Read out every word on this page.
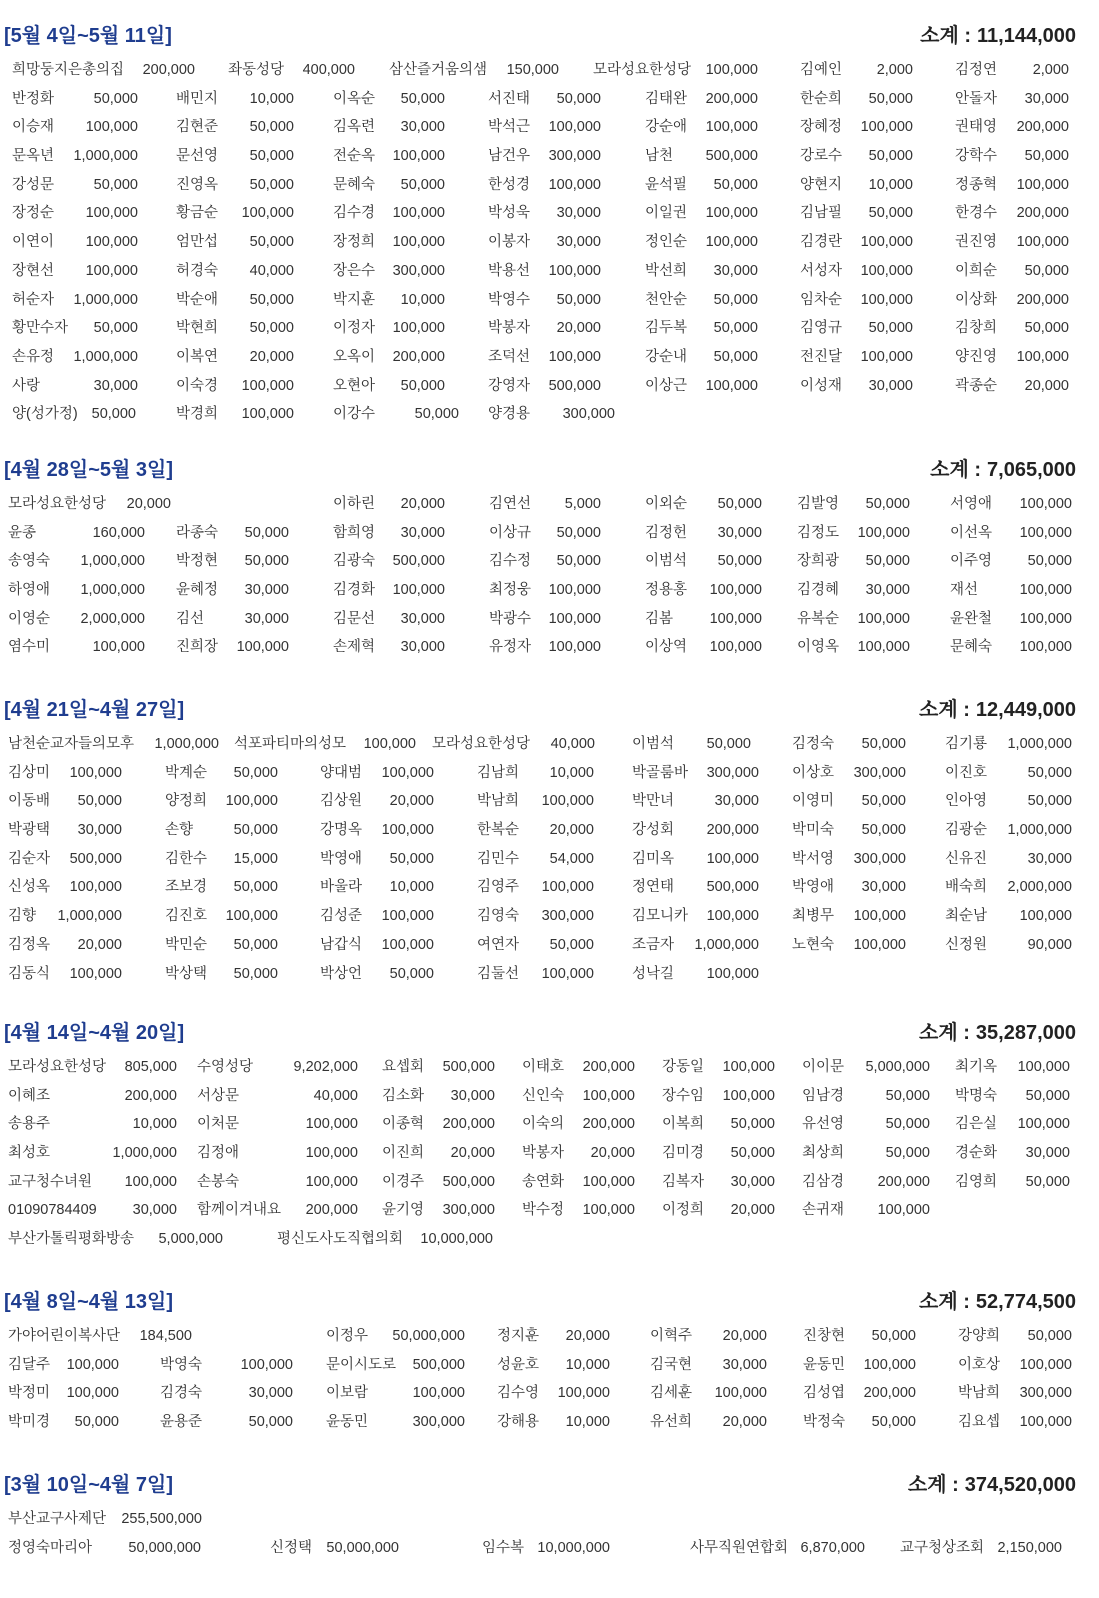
[5월 4일~5월 11일]	소계 : 11,144,000
희망둥지은총의집 200,000 좌동성당 400,000 삼산즐거움의샘 150,000 모라성요한성당 100,000	김예인 2,000	김정연 2,000
반정화	50,000	배민지 10,000	이옥순 50,000	서진태 50,000	김태완 200,000	한순희 50,000	안돌자 30,000
이승재 100,000	김현준 50,000	김옥련 30,000	박석근 100,000	강순애 100,000	장혜정 100,000	권태영 200,000
문옥년 1,000,000	문선영 50,000	전순옥 100,000	남건우 300,000	남천 500,000	강로수 50,000	강학수 50,000
강성문	50,000	진영옥 50,000	문혜숙 50,000	한성경 100,000	윤석필 50,000	양현지 10,000	정종혁 100,000
장정순 100,000	황금순 100,000	김수경 100,000	박성욱 30,000	이일권 100,000	김남필 50,000	한경수 200,000
이연이 100,000	엄만섭 50,000	장정희 100,000	이봉자 30,000	정인순 100,000	김경란 100,000	권진영 100,000
장현선 100,000	허경숙 40,000	장은수 300,000	박용선 100,000	박선희 30,000	서성자 100,000	이희순 50,000
허순자 1,000,000	박순애 50,000	박지훈 10,000	박영수 50,000	천안순 50,000	임차순 100,000	이상화 200,000
황만수자 50,000	박현희 50,000	이정자 100,000	박봉자 20,000	김두복 50,000	김영규 50,000	김창희 50,000
손유정 1,000,000	이복연 20,000	오옥이 200,000	조덕선 100,000	강순내 50,000	전진달 100,000	양진영 100,000
사랑	30,000	이숙경 100,000	오현아 50,000	강영자 500,000	이상근 100,000	이성재 30,000	곽종순 20,000
양(성가정) 50,000	박경희 100,000	이강수	50,000 양경용 300,000
[4월 28일~5월 3일]	소계 : 7,065,000
모라성요한성당 20,000	이하린 20,000	김연선 5,000	이외순 50,000 김발영 50,000	서영애 100,000
윤종	160,000 라종숙 50,000	함희영 30,000	이상규 50,000	김정헌 30,000 김정도 100,000	이선옥 100,000
송영숙 1,000,000 박정현 50,000	김광숙 500,000	김수정 50,000	이범석 50,000 장희광 50,000	이주영 50,000
하영애 1,000,000 윤혜정 30,000	김경화 100,000	최정웅 100,000	정용홍 100,000 김경혜 30,000	재선	100,000
이영순 2,000,000 김선	30,000	김문선 30,000	박광수 100,000	김봄	100,000 유복순 100,000	윤완철 100,000
염수미	100,000 진희장 100,000	손제혁 30,000	유정자 100,000	이상역 100,000 이영옥 100,000	문혜숙 100,000
[4월 21일~4월 27일]	소계 : 12,449,000
남천순교자들의모후 1,000,000 석포파티마의성모 100,000 모라성요한성당 40,000	이범석 50,000	김정숙 50,000	김기룡 1,000,000
김상미 100,000	박계순 50,000	양대범 100,000	김남희 10,000	박골룸바 300,000 이상호 300,000	이진호	50,000
이동배 50,000	양정희 100,000	김상원 20,000	박남희 100,000	박만녀	30,000 이영미 50,000	인아영	50,000
박광택 30,000	손향	50,000	강명옥 100,000	한복순 20,000	강성회 200,000 박미숙 50,000	김광순 1,000,000
김순자 500,000	김한수 15,000	박영애 50,000	김민수 54,000	김미옥 100,000 박서영 300,000	신유진	30,000
신성옥 100,000	조보경 50,000	바울라 10,000	김영주 100,000	정연태 500,000 박영애 30,000	배숙희 2,000,000
김향 1,000,000	김진호 100,000	김성준 100,000	김영숙 300,000	김모니카 100,000 최병무 100,000	최순남 100,000
김정옥 20,000	박민순 50,000	남갑식 100,000	여연자 50,000	조금자 1,000,000 노현숙 100,000	신정원	90,000
김동식 100,000	박상택 50,000	박상언 50,000	김둘선 100,000	성낙길 100,000
[4월 14일~4월 20일]	소계 : 35,287,000
모라성요한성당 805,000 수영성당	9,202,000 요셉회 500,000 이태호 200,000 강동일 100,000 이이문 5,000,000 최기옥 100,000
이혜조	200,000 서상문	40,000 김소화 30,000 신인숙 100,000 장수임 100,000 임남경	50,000 박명숙 50,000
송용주	10,000 이처문	100,000 이종혁 200,000 이숙의 200,000 이복희 50,000 유선영	50,000 김은실 100,000
최성호	1,000,000 김정애	100,000 이진희 20,000 박봉자 20,000 김미경 50,000 최상희	50,000 경순화 30,000
교구청수녀원 100,000 손봉숙	100,000 이경주 500,000 송연화 100,000 김복자 30,000 김삼경 200,000 김영희 50,000
01090784409 30,000 함께이겨내요 200,000 윤기영 300,000 박수정 100,000 이정희 20,000 손귀재 100,000
부산가톨릭평화방송 5,000,000	평신도사도직협의회 10,000,000
[4월 8일~4월 13일]	소계 : 52,774,500
가야어린이복사단 184,500	이정우 50,000,000 정지훈 20,000	이혁주 20,000 진창현 50,000	강양희 50,000
김달주 100,000	박영숙	100,000 문이시도로 500,000 성윤호 10,000	김국현 30,000 윤동민 100,000	이호상 100,000
박정미 100,000	김경숙	30,000 이보람	100,000 김수영 100,000	김세훈 100,000 김성엽 200,000	박남희 300,000
박미경 50,000	윤용준	50,000 윤동민	300,000 강해용 10,000	유선희 20,000 박정숙 50,000	김요셉 100,000
[3월 10일~4월 7일]	소계 : 374,520,000
부산교구사제단 255,500,000
정영숙마리아	50,000,000	신정택 50,000,000	임수복 10,000,000	사무직원연합회 6,870,000 교구청상조회 2,150,000
